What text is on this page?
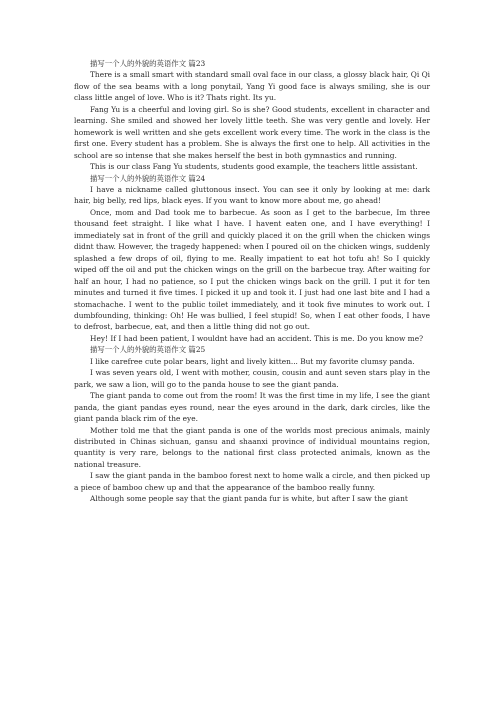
描写一个人的外貌的英语作文 篇23

There is a small smart with standard small oval face in our class, a glossy black hair, Qi Qi flow of the sea beams with a long ponytail, Yang Yi good face is always smiling, she is our class little angel of love. Who is it? Thats right. Its yu.

Fang Yu is a cheerful and loving girl. So is she? Good students, excellent in character and learning. She smiled and showed her lovely little teeth. She was very gentle and lovely. Her homework is well written and she gets excellent work every time. The work in the class is the first one. Every student has a problem. She is always the first one to help. All activities in the school are so intense that she makes herself the best in both gymnastics and running.

This is our class Fang Yu students, students good example, the teachers little assistant.

描写一个人的外貌的英语作文 篇24

I have a nickname called gluttonous insect. You can see it only by looking at me: dark hair, big belly, red lips, black eyes. If you want to know more about me, go ahead!

Once, mom and Dad took me to barbecue. As soon as I get to the barbecue, Im three thousand feet straight. I like what I have. I havent eaten one, and I have everything! I immediately sat in front of the grill and quickly placed it on the grill when the chicken wings didnt thaw. However, the tragedy happened: when I poured oil on the chicken wings, suddenly splashed a few drops of oil, flying to me. Really impatient to eat hot tofu ah! So I quickly wiped off the oil and put the chicken wings on the grill on the barbecue tray. After waiting for half an hour, I had no patience, so I put the chicken wings back on the grill. I put it for ten minutes and turned it five times. I picked it up and took it. I just had one last bite and I had a stomachache. I went to the public toilet immediately, and it took five minutes to work out. I dumbfounding, thinking: Oh! He was bullied, I feel stupid! So, when I eat other foods, I have to defrost, barbecue, eat, and then a little thing did not go out.

Hey! If I had been patient, I wouldnt have had an accident. This is me. Do you know me?

描写一个人的外貌的英语作文 篇25

I like carefree cute polar bears, light and lively kitten... But my favorite clumsy panda.

I was seven years old, I went with mother, cousin, cousin and aunt seven stars play in the park, we saw a lion, will go to the panda house to see the giant panda.

The giant panda to come out from the room! It was the first time in my life, I see the giant panda, the giant pandas eyes round, near the eyes around in the dark, dark circles, like the giant panda black rim of the eye.

Mother told me that the giant panda is one of the worlds most precious animals, mainly distributed in Chinas sichuan, gansu and shaanxi province of individual mountains region, quantity is very rare, belongs to the national first class protected animals, known as the national treasure.

I saw the giant panda in the bamboo forest next to home walk a circle, and then picked up a piece of bamboo chew up and that the appearance of the bamboo really funny.

Although some people say that the giant panda fur is white, but after I saw the giant
